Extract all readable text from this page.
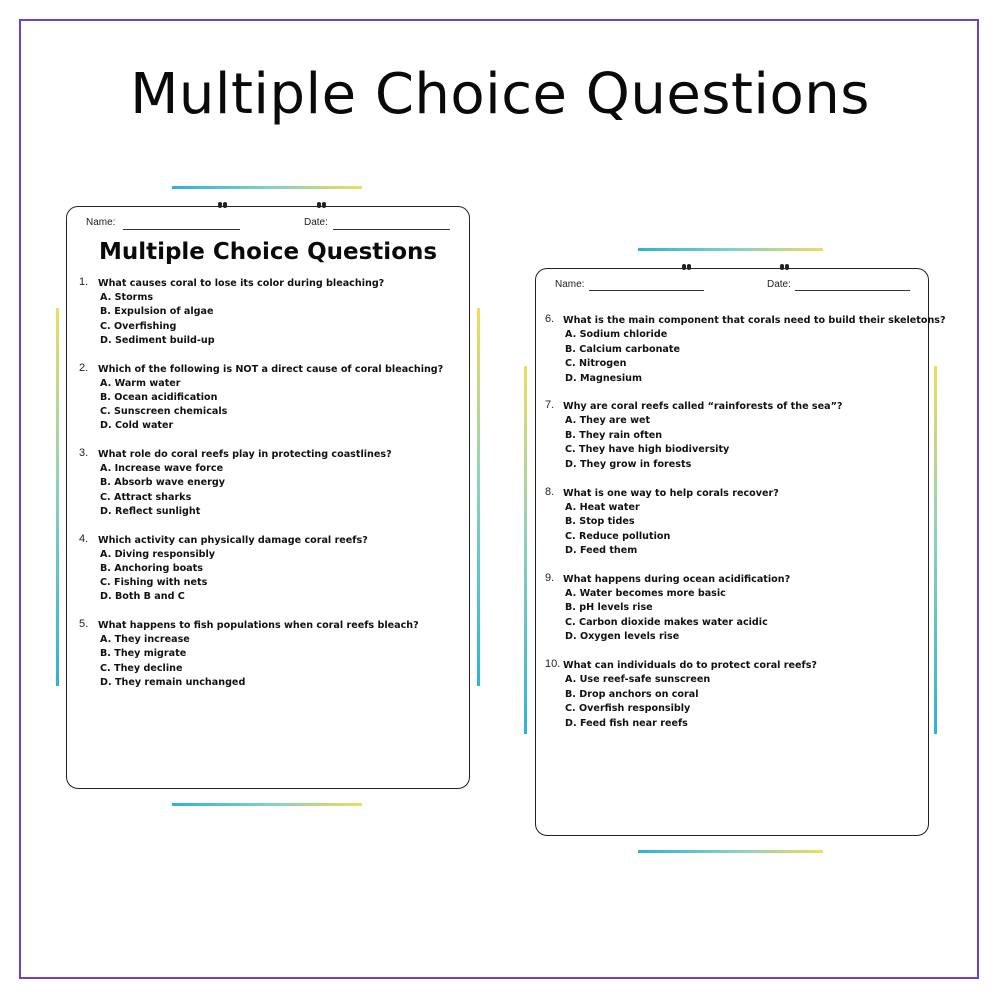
Multiple Choice Questions
Name:	Date:
Multiple Choice Questions
1. What causes coral to lose its color during bleaching?
A. Storms
B. Expulsion of algae
C. Overfishing
D. Sediment build-up
2. Which of the following is NOT a direct cause of coral bleaching?
A. Warm water
B. Ocean acidification
C. Sunscreen chemicals
D. Cold water
3. What role do coral reefs play in protecting coastlines?
A. Increase wave force
B. Absorb wave energy
C. Attract sharks
D. Reflect sunlight
4. Which activity can physically damage coral reefs?
A. Diving responsibly
B. Anchoring boats
C. Fishing with nets
D. Both B and C
5. What happens to fish populations when coral reefs bleach?
A. They increase
B. They migrate
C. They decline
D. They remain unchanged
Name:	Date:
6. What is the main component that corals need to build their skeletons?
A. Sodium chloride
B. Calcium carbonate
C. Nitrogen
D. Magnesium
7. Why are coral reefs called “rainforests of the sea”?
A. They are wet
B. They rain often
C. They have high biodiversity
D. They grow in forests
8. What is one way to help corals recover?
A. Heat water
B. Stop tides
C. Reduce pollution
D. Feed them
9. What happens during ocean acidification?
A. Water becomes more basic
B. pH levels rise
C. Carbon dioxide makes water acidic
D. Oxygen levels rise
10. What can individuals do to protect coral reefs?
A. Use reef-safe sunscreen
B. Drop anchors on coral
C. Overfish responsibly
D. Feed fish near reefs
